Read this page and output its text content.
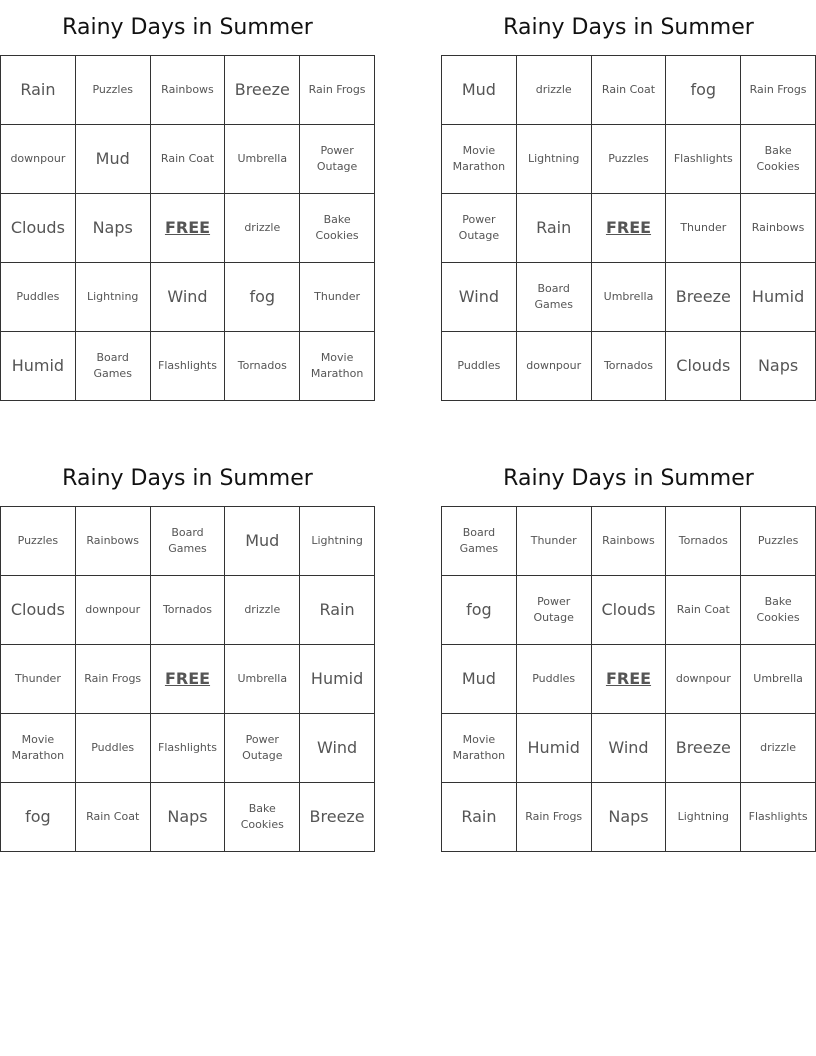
Rainy Days in Summer
Rain	Puzzles	Rainbows	Breeze	Rain Frogs
downpour	Mud	Rain Coat	Umbrella	Power Outage
Clouds	Naps	FREE	drizzle	Bake Cookies
Puddles	Lightning	Wind	fog	Thunder
Humid	Board Games	Flashlights	Tornados	Movie Marathon
Rainy Days in Summer
Mud	drizzle	Rain Coat	fog	Rain Frogs
Movie Marathon	Lightning	Puzzles	Flashlights	Bake Cookies
Power Outage	Rain	FREE	Thunder	Rainbows
Wind	Board Games	Umbrella	Breeze	Humid
Puddles	downpour	Tornados	Clouds	Naps
Rainy Days in Summer
Puzzles	Rainbows	Board Games	Mud	Lightning
Clouds	downpour	Tornados	drizzle	Rain
Thunder	Rain Frogs	FREE	Umbrella	Humid
Movie Marathon	Puddles	Flashlights	Power Outage	Wind
fog	Rain Coat	Naps	Bake Cookies	Breeze
Rainy Days in Summer
Board Games	Thunder	Rainbows	Tornados	Puzzles
fog	Power Outage	Clouds	Rain Coat	Bake Cookies
Mud	Puddles	FREE	downpour	Umbrella
Movie Marathon	Humid	Wind	Breeze	drizzle
Rain	Rain Frogs	Naps	Lightning	Flashlights
